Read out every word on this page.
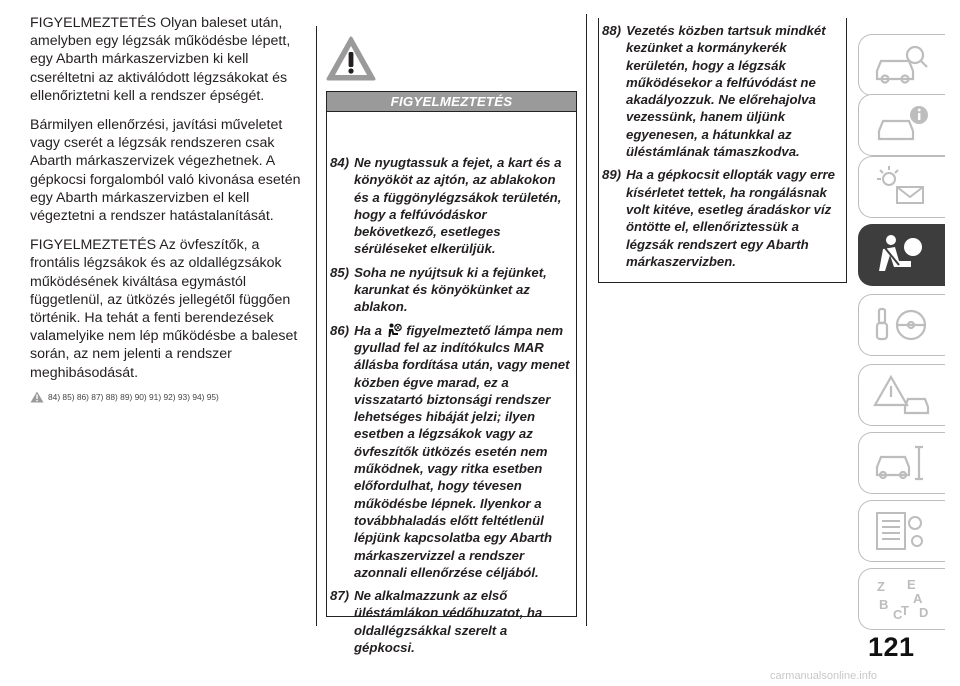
FIGYELMEZTETÉS Olyan baleset után, amelyben egy légzsák működésbe lépett, egy Abarth márkaszervizben ki kell cseréltetni az aktiválódott légzsákokat és ellenőriztetni kell a rendszer épségét.

Bármilyen ellenőrzési, javítási műveletet vagy cserét a légzsák rendszeren csak Abarth márkaszervizek végezhetnek. A gépkocsi forgalomból való kivonása esetén egy Abarth márkaszervizben el kell végeztetni a rendszer hatástalanítását.

FIGYELMEZTETÉS Az övfeszítők, a frontális légzsákok és az oldallégzsákok működésének kiváltása egymástól függetlenül, az ütközés jellegétől függően történik. Ha tehát a fenti berendezések valamelyike nem lép működésbe a baleset során, az nem jelenti a rendszer meghibásodását.

84) 85) 86) 87) 88) 89) 90) 91) 92) 93) 94) 95)
FIGYELMEZTETÉS
84) Ne nyugtassuk a fejet, a kart és a könyököt az ajtón, az ablakokon és a függönylégzsákok területén, hogy a felfúvódáskor bekövetkező, esetleges sérüléseket elkerüljük.
85) Soha ne nyújtsuk ki a fejünket, karunkat és könyökünket az ablakon.
86) Ha a figyelmeztető lámpa nem gyullad fel az indítókulcs MAR állásba fordítása után, vagy menet közben égve marad, ez a visszatartó biztonsági rendszer lehetséges hibáját jelzi; ilyen esetben a légzsákok vagy az övfeszítők ütközés esetén nem működnek, vagy ritka esetben előfordulhat, hogy tévesen működésbe lépnek. Ilyenkor a továbbhaladás előtt feltétlenül lépjünk kapcsolatba egy Abarth márkaszervizzel a rendszer azonnali ellenőrzése céljából.
87) Ne alkalmazzunk az első üléstámlákon védőhuzatot, ha oldallégzsákkal szerelt a gépkocsi.
88) Vezetés közben tartsuk mindkét kezünket a kormánykerék kerületén, hogy a légzsák működésekor a felfúvódást ne akadályozzuk. Ne előrehajolva vezessünk, hanem üljünk egyenesen, a hátunkkal az üléstámlának támaszkodva.
89) Ha a gépkocsit ellopták vagy erre kísérletet tettek, ha rongálásnak volt kitéve, esetleg áradáskor víz öntötte el, ellenőriztessük a légzsák rendszert egy Abarth márkaszervizben.
Z E
A
B
C
T D
121
carmanualsonline.info
